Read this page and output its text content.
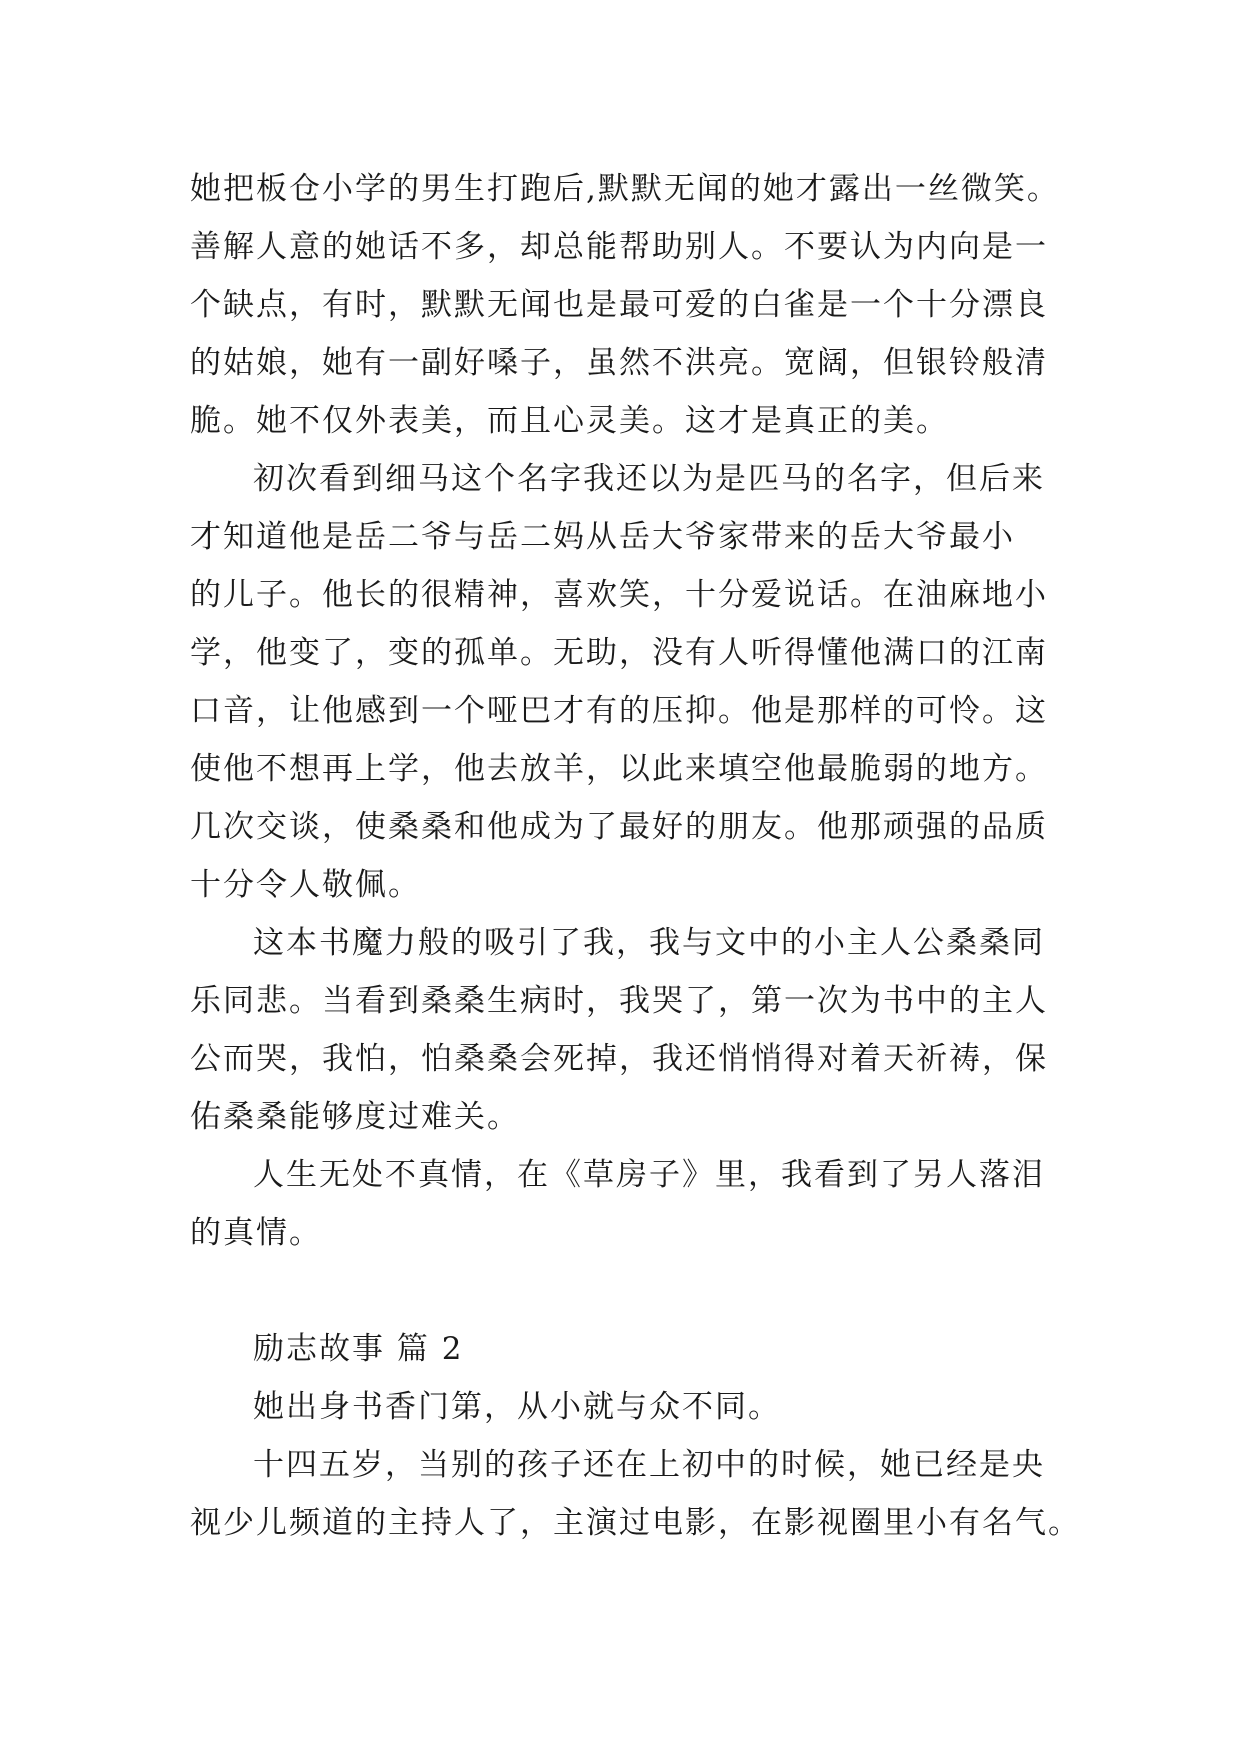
她把板仓小学的男生打跑后,默默无闻的她才露出一丝微笑。
善解人意的她话不多，却总能帮助别人。不要认为内向是一
个缺点，有时，默默无闻也是最可爱的白雀是一个十分漂良
的姑娘，她有一副好嗓子，虽然不洪亮。宽阔，但银铃般清
脆。她不仅外表美，而且心灵美。这才是真正的美。
初次看到细马这个名字我还以为是匹马的名字，但后来
才知道他是岳二爷与岳二妈从岳大爷家带来的岳大爷最小
的儿子。他长的很精神，喜欢笑，十分爱说话。在油麻地小
学，他变了，变的孤单。无助，没有人听得懂他满口的江南
口音，让他感到一个哑巴才有的压抑。他是那样的可怜。这
使他不想再上学，他去放羊，以此来填空他最脆弱的地方。
几次交谈，使桑桑和他成为了最好的朋友。他那顽强的品质
十分令人敬佩。
这本书魔力般的吸引了我，我与文中的小主人公桑桑同
乐同悲。当看到桑桑生病时，我哭了，第一次为书中的主人
公而哭，我怕，怕桑桑会死掉，我还悄悄得对着天祈祷，保
佑桑桑能够度过难关。
人生无处不真情，在《草房子》里，我看到了另人落泪
的真情。
励志故事 篇 2
她出身书香门第，从小就与众不同。
十四五岁，当别的孩子还在上初中的时候，她已经是央
视少儿频道的主持人了，主演过电影，在影视圈里小有名气。
